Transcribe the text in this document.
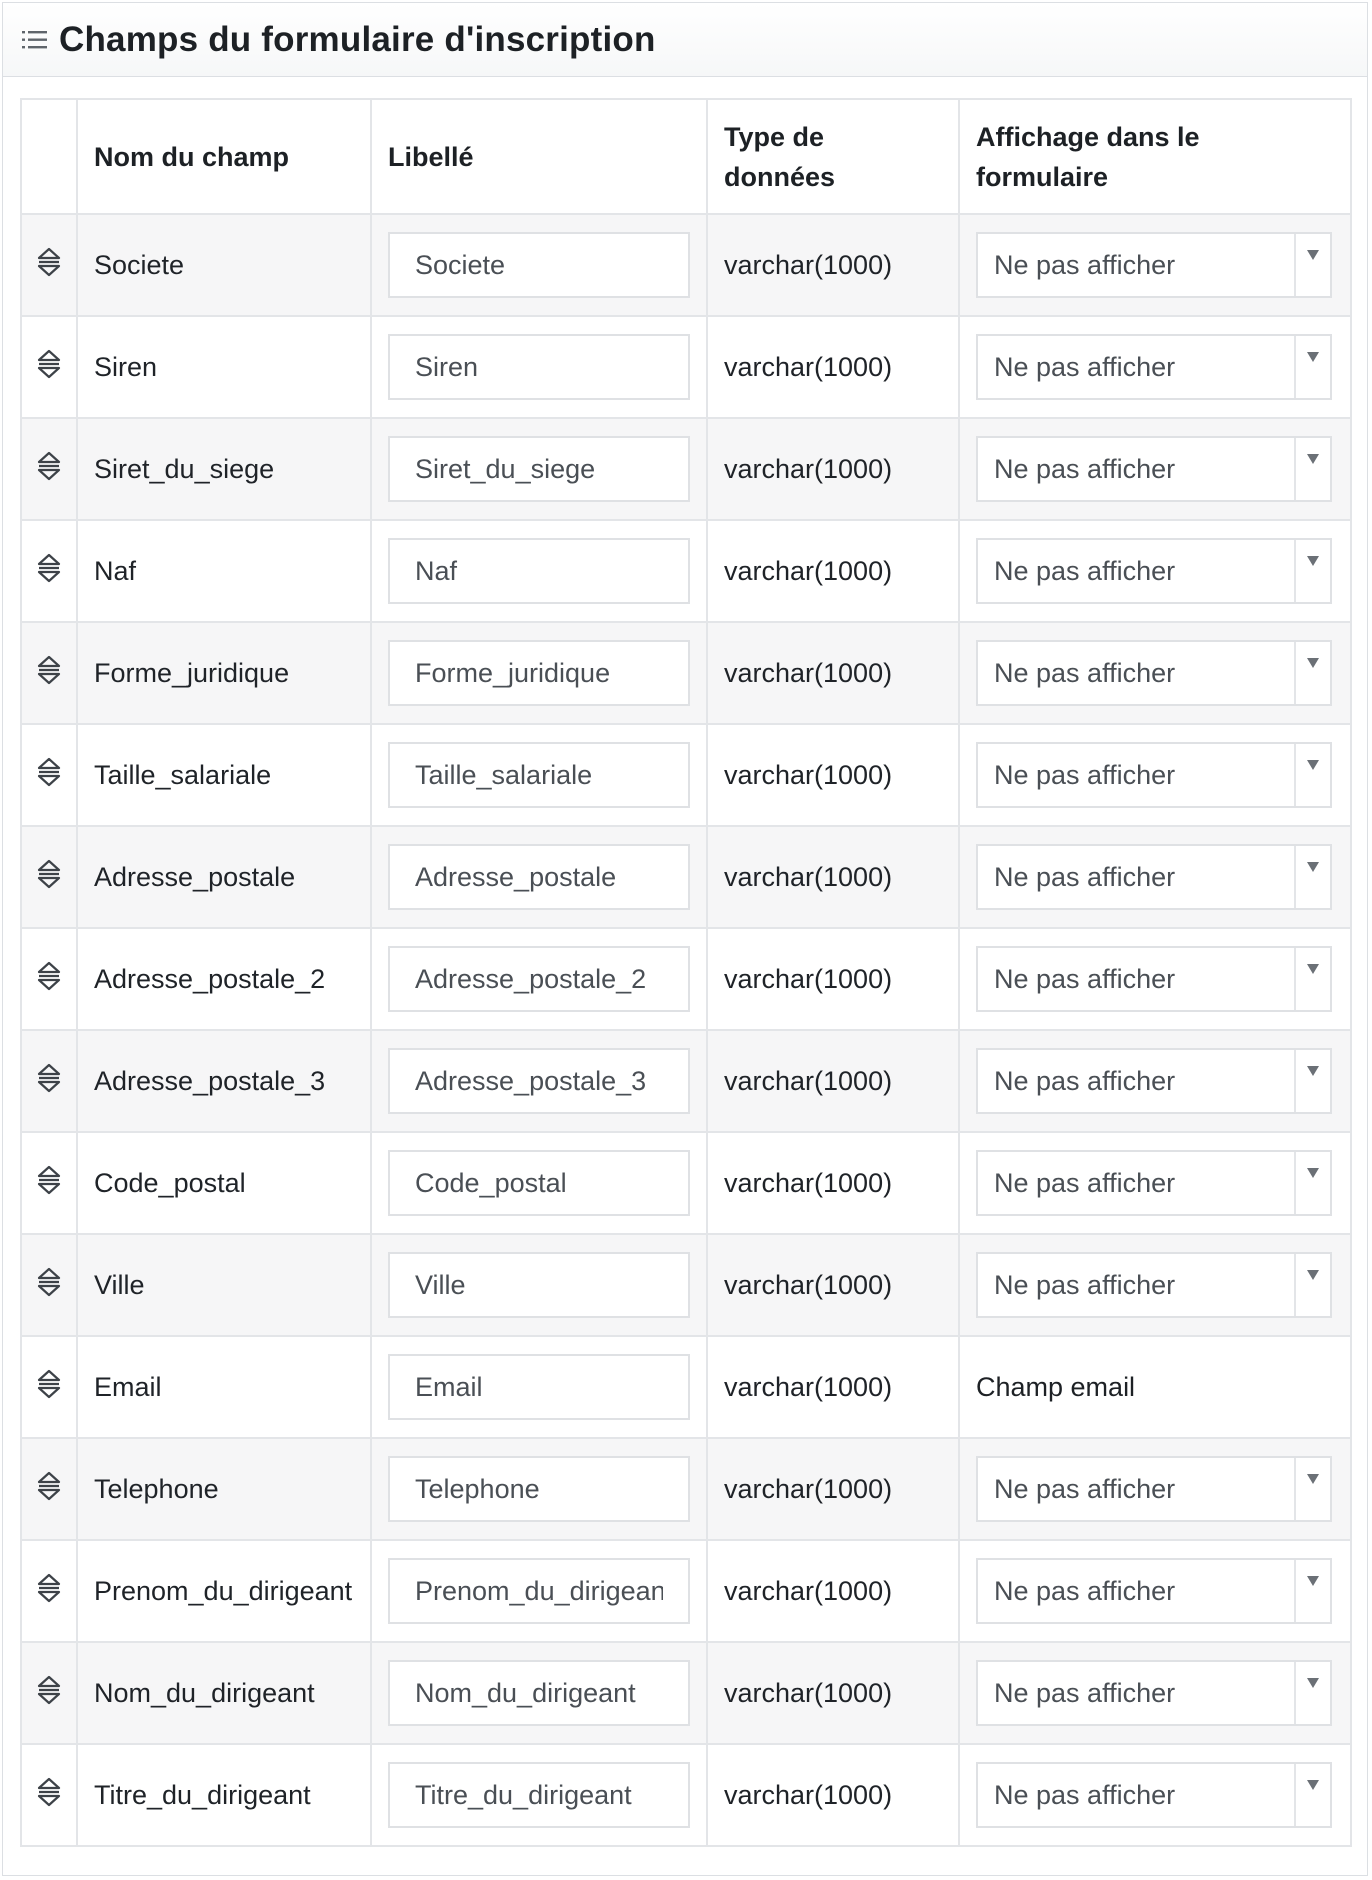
Champs du formulaire d'inscription
	Nom du champ	Libellé	Type de données	Affichage dans le formulaire
	Societe	Societe	varchar(1000)	Ne pas afficher

	Siren	Siren	varchar(1000)	Ne pas afficher

	Siret_du_siege	Siret_du_siege	varchar(1000)	Ne pas afficher

	Naf	Naf	varchar(1000)	Ne pas afficher

	Forme_juridique	Forme_juridique	varchar(1000)	Ne pas afficher

	Taille_salariale	Taille_salariale	varchar(1000)	Ne pas afficher

	Adresse_postale	Adresse_postale	varchar(1000)	Ne pas afficher

	Adresse_postale_2	Adresse_postale_2	varchar(1000)	Ne pas afficher

	Adresse_postale_3	Adresse_postale_3	varchar(1000)	Ne pas afficher

	Code_postal	Code_postal	varchar(1000)	Ne pas afficher

	Ville	Ville	varchar(1000)	Ne pas afficher

	Email	Email	varchar(1000)	Champ email
	Telephone	Telephone	varchar(1000)	Ne pas afficher

	Prenom_du_dirigeant	Prenom_du_dirigeant	varchar(1000)	Ne pas afficher

	Nom_du_dirigeant	Nom_du_dirigeant	varchar(1000)	Ne pas afficher

	Titre_du_dirigeant	Titre_du_dirigeant	varchar(1000)	Ne pas afficher
